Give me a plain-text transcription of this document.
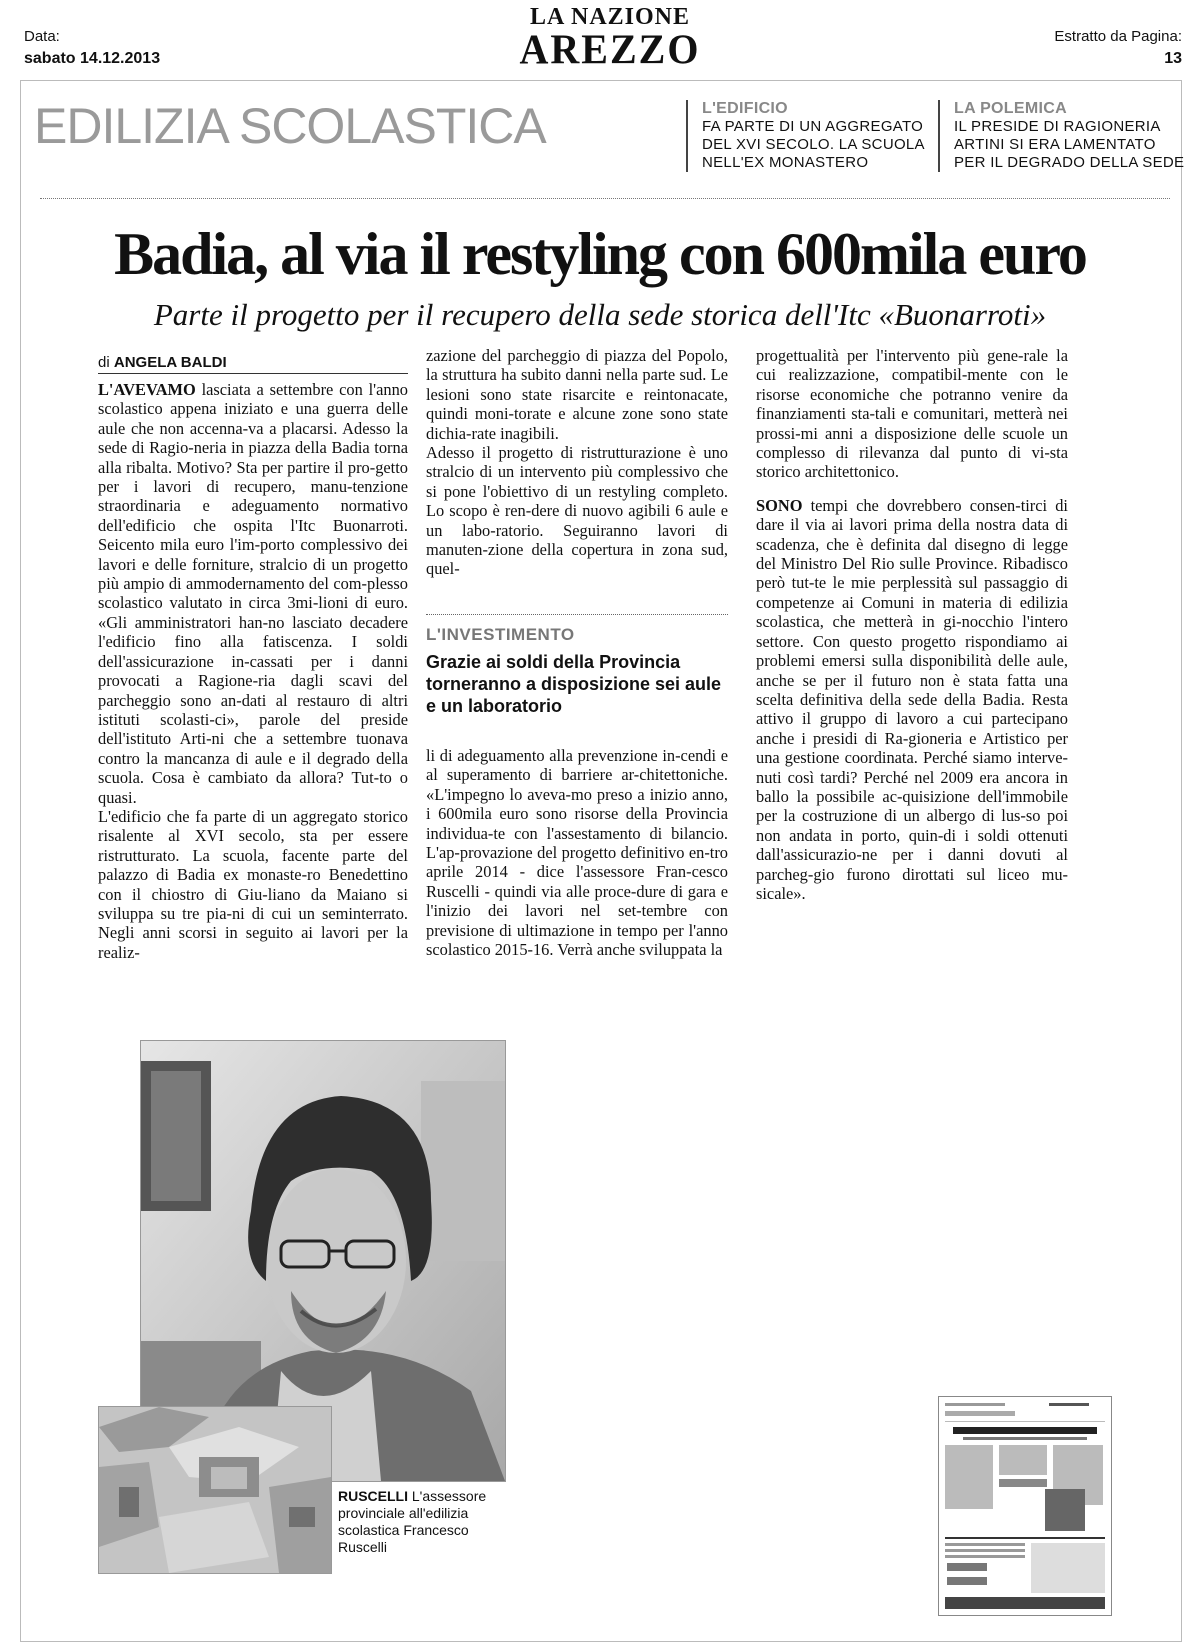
Data:
sabato 14.12.2013
LA NAZIONE
AREZZO	Estratto da Pagina:
13
EDILIZIA SCOLASTICA	L'EDIFICIO
FA PARTE DI UN AGGREGATO
DEL XVI SECOLO. LA SCUOLA
NELL'EX MONASTERO
LA POLEMICA
IL PRESIDE DI RAGIONERIA
ARTINI SI ERA LAMENTATO
PER IL DEGRADO DELLA SEDE
Badia, al via il restyling con 600mila euro
Parte il progetto per il recupero della sede storica dell'Itc «Buonarroti»
di ANGELA BALDI

L'AVEVAMO lasciata a settembre con l'anno scolastico appena iniziato e una guerra delle aule che non accenna-va a placarsi. Adesso la sede di Ragio-neria in piazza della Badia torna alla ribalta. Motivo? Sta per partire il pro-getto per i lavori di recupero, manu-tenzione straordinaria e adeguamento normativo dell'edificio che ospita l'Itc Buonarroti. Seicento mila euro l'im-porto complessivo dei lavori e delle forniture, stralcio di un progetto più ampio di ammodernamento del com-plesso scolastico valutato in circa 3mi-lioni di euro. «Gli amministratori han-no lasciato decadere l'edificio fino alla fatiscenza. I soldi dell'assicurazione in-cassati per i danni provocati a Ragione-ria dagli scavi del parcheggio sono an-dati al restauro di altri istituti scolasti-ci», parole del preside dell'istituto Arti-ni che a settembre tuonava contro la mancanza di aule e il degrado della scuola. Cosa è cambiato da allora? Tut-to o quasi.

L'edificio che fa parte di un aggregato storico risalente al XVI secolo, sta per essere ristrutturato. La scuola, facente parte del palazzo di Badia ex monaste-ro Benedettino con il chiostro di Giu-liano da Maiano si sviluppa su tre pia-ni di cui un seminterrato. Negli anni scorsi in seguito ai lavori per la realiz-

zazione del parcheggio di piazza del Popolo, la struttura ha subito danni nella parte sud. Le lesioni sono state risarcite e reintonacate, quindi moni-torate e alcune zone sono state dichia-rate inagibili.

Adesso il progetto di ristrutturazione è uno stralcio di un intervento più complessivo che si pone l'obiettivo di un restyling completo. Lo scopo è ren-dere di nuovo agibili 6 aule e un labo-ratorio. Seguiranno lavori di manuten-zione della copertura in zona sud, quel-

L'INVESTIMENTO
Grazie ai soldi della Provincia torneranno a disposizione sei aule e un laboratorio

li di adeguamento alla prevenzione in-cendi e al superamento di barriere ar-chitettoniche. «L'impegno lo aveva-mo preso a inizio anno, i 600mila euro sono risorse della Provincia individua-te con l'assestamento di bilancio. L'ap-provazione del progetto definitivo en-tro aprile 2014 - dice l'assessore Fran-cesco Ruscelli - quindi via alle proce-dure di gara e l'inizio dei lavori nel set-tembre con previsione di ultimazione in tempo per l'anno scolastico 2015-16. Verrà anche sviluppata la

progettualità per l'intervento più gene-rale la cui realizzazione, compatibil-mente con le risorse economiche che potranno venire da finanziamenti sta-tali e comunitari, metterà nei prossi-mi anni a disposizione delle scuole un complesso di rilevanza dal punto di vi-sta storico architettonico.

SONO tempi che dovrebbero consen-tirci di dare il via ai lavori prima della nostra data di scadenza, che è definita dal disegno di legge del Ministro Del Rio sulle Province. Ribadisco però tut-te le mie perplessità sul passaggio di competenze ai Comuni in materia di edilizia scolastica, che metterà in gi-nocchio l'intero settore. Con questo progetto rispondiamo ai problemi emersi sulla disponibilità delle aule, anche se per il futuro non è stata fatta una scelta definitiva della sede della Badia. Resta attivo il gruppo di lavoro a cui partecipano anche i presidi di Ra-gioneria e Artistico per una gestione coordinata. Perché siamo interve-nuti così tardi? Perché nel 2009 era ancora in ballo la possibile ac-quisizione dell'immobile per la costruzione di un albergo di lus-so poi non andata in porto, quin-di i soldi ottenuti dall'assicurazio-ne per i danni dovuti al parcheg-gio furono dirottati sul liceo mu-sicale».

RUSCELLI L'assessore provinciale all'edilizia scolastica Francesco Ruscelli
